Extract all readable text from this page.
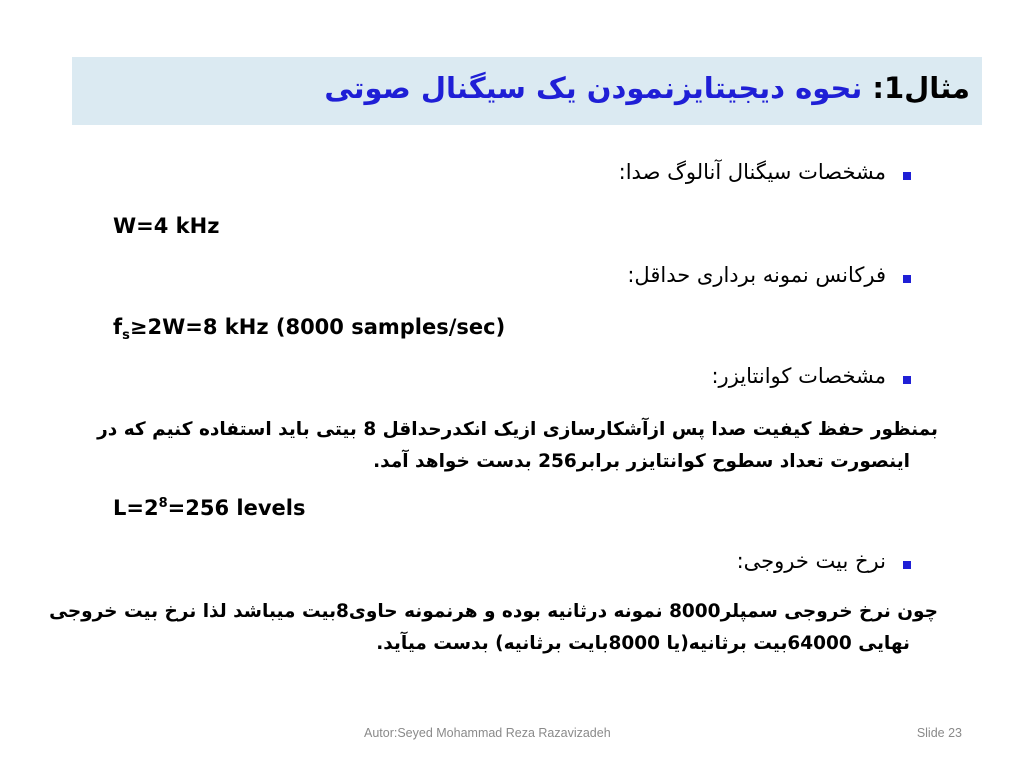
مثال1: نحوه دیجیتایزنمودن یک سیگنال صوتی
مشخصات سیگنال آنالوگ صدا:
W=4 kHz
فرکانس نمونه برداری حداقل:
$f_s\ge 2W=8$ kHz (8000 samples/sec)
مشخصات کوانتایزر:
بمنظور حفظ کیفیت صدا پس ازآشکارسازی ازیک انکدرحداقل 8 بیتی باید استفاده کنیم که در
اینصورت تعداد سطوح کوانتایزر برابر256 بدست خواهد آمد.
$L=2^8=256$ levels
نرخ بیت خروجی:
چون نرخ خروجی سمپلر8000 نمونه درثانیه بوده و هرنمونه حاوی8بیت میباشد لذا نرخ بیت خروجی
نهایی 64000بیت برثانیه(یا 8000بایت برثانیه) بدست میآید.
Autor:Seyed Mohammad Reza Razavizadeh	Slide 23
